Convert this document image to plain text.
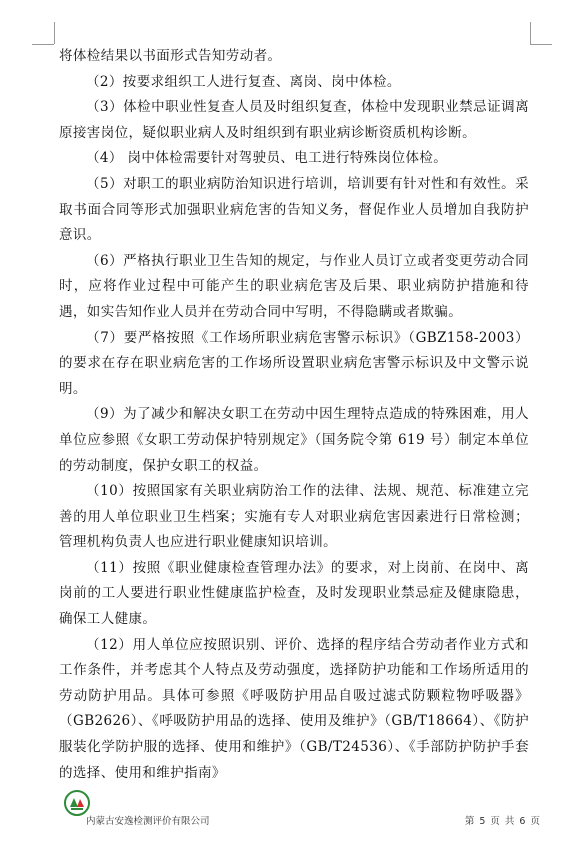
将体检结果以书面形式告知劳动者。

（2）按要求组织工人进行复查、离岗、岗中体检。

（3）体检中职业性复查人员及时组织复查，体检中发现职业禁忌证调离原接害岗位，疑似职业病人及时组织到有职业病诊断资质机构诊断。

（4） 岗中体检需要针对驾驶员、电工进行特殊岗位体检。

（5）对职工的职业病防治知识进行培训，培训要有针对性和有效性。采取书面合同等形式加强职业病危害的告知义务，督促作业人员增加自我防护意识。

（6）严格执行职业卫生告知的规定，与作业人员订立或者变更劳动合同时，应将作业过程中可能产生的职业病危害及后果、职业病防护措施和待遇，如实告知作业人员并在劳动合同中写明，不得隐瞒或者欺骗。

（7）要严格按照《工作场所职业病危害警示标识》（GBZ158-2003）的要求在存在职业病危害的工作场所设置职业病危害警示标识及中文警示说明。

（9）为了减少和解决女职工在劳动中因生理特点造成的特殊困难，用人单位应参照《女职工劳动保护特别规定》（国务院令第 619 号）制定本单位的劳动制度，保护女职工的权益。

（10）按照国家有关职业病防治工作的法律、法规、规范、标准建立完善的用人单位职业卫生档案；实施有专人对职业病危害因素进行日常检测；管理机构负责人也应进行职业健康知识培训。

（11）按照《职业健康检查管理办法》的要求，对上岗前、在岗中、离岗前的工人要进行职业性健康监护检查，及时发现职业禁忌症及健康隐患，确保工人健康。

（12）用人单位应按照识别、评价、选择的程序结合劳动者作业方式和工作条件，并考虑其个人特点及劳动强度，选择防护功能和工作场所适用的劳动防护用品。具体可参照《呼吸防护用品自吸过滤式防颗粒物呼吸器》（GB2626）、《呼吸防护用品的选择、使用及维护》（GB/T18664）、《防护服装化学防护服的选择、使用和维护》（GB/T24536）、《手部防护防护手套的选择、使用和维护指南》

内蒙古安逸检测评价有限公司	第 5 页 共 6 页
